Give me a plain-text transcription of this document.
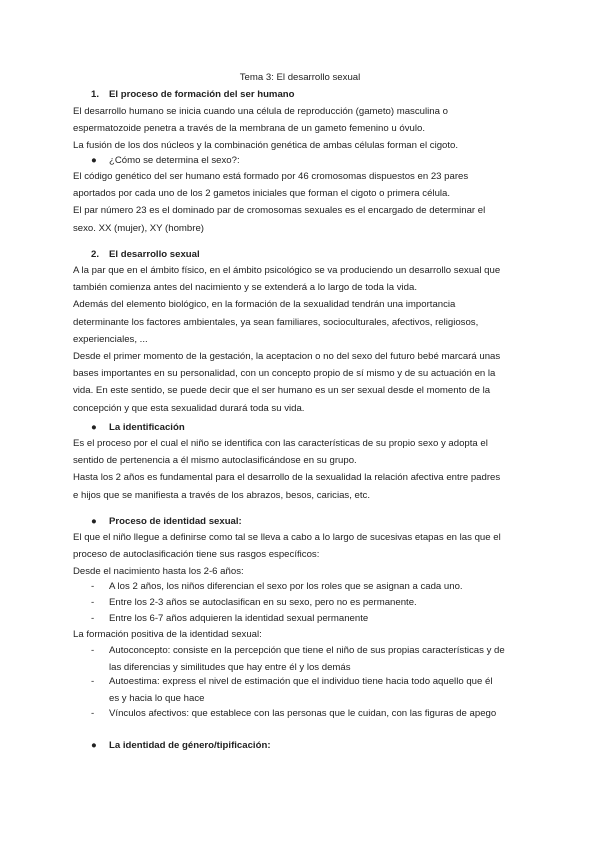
Tema 3: El desarrollo sexual
1. El proceso de formación del ser humano

El desarrollo humano se inicia cuando una célula de reproducción (gameto) masculina o

espermatozoide penetra a través de la membrana de un gameto femenino u óvulo.

La fusión de los dos núcleos y la combinación genética de ambas células forman el cigoto.

● ¿Cómo se determina el sexo?:

El código genético del ser humano está formado por 46 cromosomas dispuestos en 23 pares

aportados por cada uno de los 2 gametos iniciales que forman el cigoto o primera célula.

El par número 23 es el dominado par de cromosomas sexuales es el encargado de determinar el

sexo. XX (mujer), XY (hombre)

2. El desarrollo sexual

A la par que en el ámbito físico, en el ámbito psicológico se va produciendo un desarrollo sexual que

también comienza antes del nacimiento y se extenderá a lo largo de toda la vida.

Además del elemento biológico, en la formación de la sexualidad tendrán una importancia

determinante los factores ambientales, ya sean familiares, socioculturales, afectivos, religiosos,

experienciales, ...

Desde el primer momento de la gestación, la aceptacion o no del sexo del futuro bebé marcará unas

bases importantes en su personalidad, con un concepto propio de sí mismo y de su actuación en la

vida. En este sentido, se puede decir que el ser humano es un ser sexual desde el momento de la

concepción y que esta sexualidad durará toda su vida.

● La identificación

Es el proceso por el cual el niño se identifica con las características de su propio sexo y adopta el

sentido de pertenencia a él mismo autoclasificándose en su grupo.

Hasta los 2 años es fundamental para el desarrollo de la sexualidad la relación afectiva entre padres

e hijos que se manifiesta a través de los abrazos, besos, caricias, etc.

● Proceso de identidad sexual:

El que el niño llegue a definirse como tal se lleva a cabo a lo largo de sucesivas etapas en las que el

proceso de autoclasificación tiene sus rasgos específicos:

Desde el nacimiento hasta los 2-6 años:

- A los 2 años, los niños diferencian el sexo por los roles que se asignan a cada uno.

- Entre los 2-3 años se autoclasifican en su sexo, pero no es permanente.

- Entre los 6-7 años adquieren la identidad sexual permanente

La formación positiva de la identidad sexual:

- Autoconcepto: consiste en la percepción que tiene el niño de sus propias características y de

las diferencias y similitudes que hay entre él y los demás

- Autoestima: express el nivel de estimación que el individuo tiene hacia todo aquello que él

es y hacia lo que hace

- Vínculos afectivos: que establece con las personas que le cuidan, con las figuras de apego

● La identidad de género/tipificación:
